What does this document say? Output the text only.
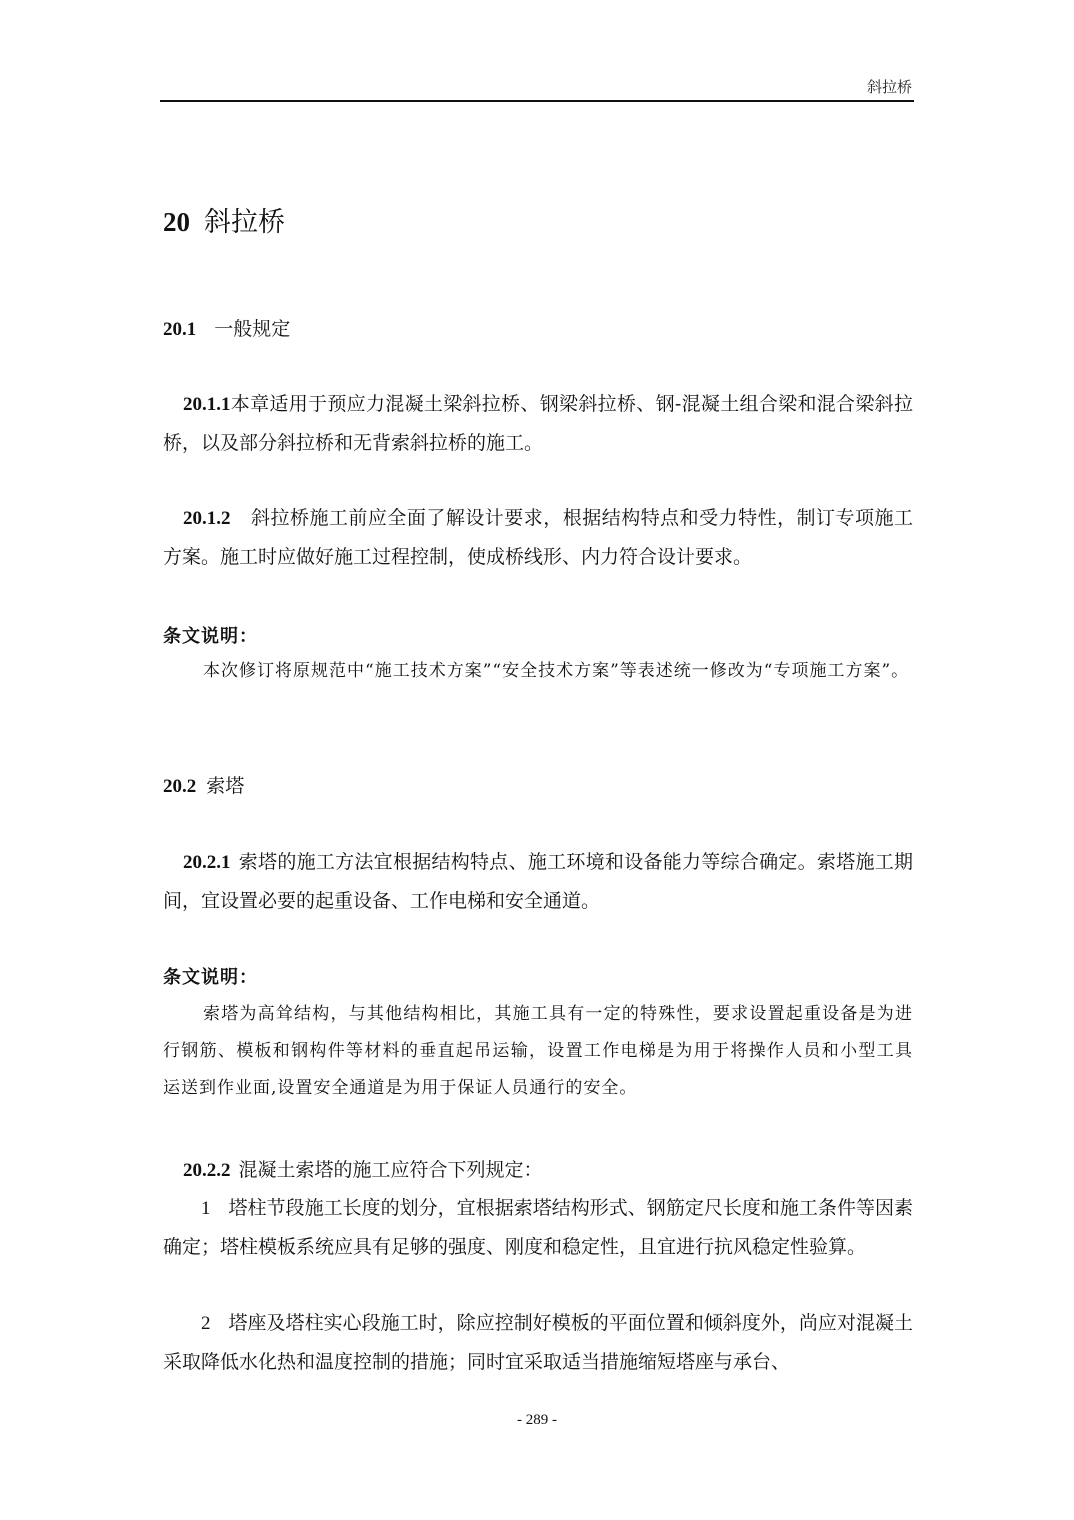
斜拉桥
20 斜拉桥
20.1 一般规定
20.1.1本章适用于预应力混凝土梁斜拉桥、钢梁斜拉桥、钢-混凝土组合梁和混合梁斜拉桥，以及部分斜拉桥和无背索斜拉桥的施工。
20.1.2 斜拉桥施工前应全面了解设计要求，根据结构特点和受力特性，制订专项施工方案。施工时应做好施工过程控制，使成桥线形、内力符合设计要求。
条文说明：
本次修订将原规范中“施工技术方案”“安全技术方案”等表述统一修改为“专项施工方案”。
20.2 索塔
20.2.1 索塔的施工方法宜根据结构特点、施工环境和设备能力等综合确定。索塔施工期间，宜设置必要的起重设备、工作电梯和安全通道。
条文说明：
索塔为高耸结构，与其他结构相比，其施工具有一定的特殊性，要求设置起重设备是为进行钢筋、模板和钢构件等材料的垂直起吊运输，设置工作电梯是为用于将操作人员和小型工具运送到作业面,设置安全通道是为用于保证人员通行的安全。
20.2.2 混凝土索塔的施工应符合下列规定：
1 塔柱节段施工长度的划分，宜根据索塔结构形式、钢筋定尺长度和施工条件等因素确定；塔柱模板系统应具有足够的强度、刚度和稳定性，且宜进行抗风稳定性验算。
2 塔座及塔柱实心段施工时，除应控制好模板的平面位置和倾斜度外，尚应对混凝土采取降低水化热和温度控制的措施；同时宜采取适当措施缩短塔座与承台、
- 289 -
